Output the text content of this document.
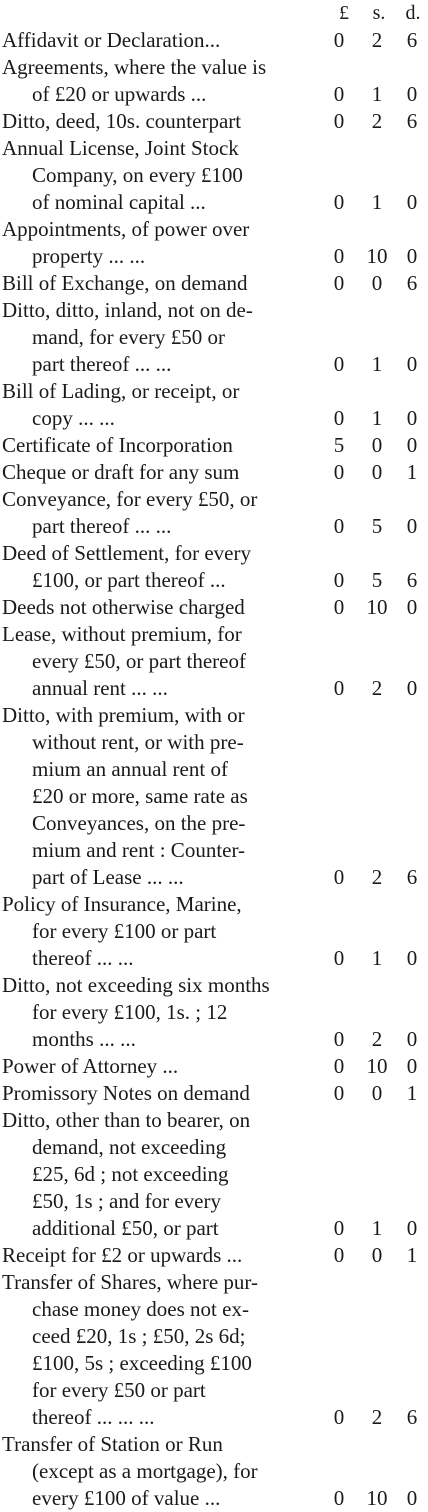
£ s. d.
Affidavit or Declaration...	0	2	6
Agreements, where the value is
of £20 or upwards ...	0	1	0
Ditto, deed, 10s. counterpart	0	2	6
Annual License, Joint Stock
Company, on every £100
of nominal capital ...	0	1	0
Appointments, of power over
property ... ...	0 10 0
Bill of Exchange, on demand	0	0	6
Ditto, ditto, inland, not on de-
mand, for every £50 or
part thereof ... ...	0	1	0
Bill of Lading, or receipt, or
copy ... ...	0	1	0
Certificate of Incorporation	5	0	0
Cheque or draft for any sum	0	0	1
Conveyance, for every £50, or
part thereof ... ...	0	5	0
Deed of Settlement, for every
£100, or part thereof ...	0	5	6
Deeds not otherwise charged	0 10 0
Lease, without premium, for
every £50, or part thereof
annual rent ... ...	0	2	0
Ditto, with premium, with or
without rent, or with pre-
mium an annual rent of
£20 or more, same rate as
Conveyances, on the pre-
mium and rent : Counter-
part of Lease ... ...	0	2	6
Policy of Insurance, Marine,
for every £100 or part
thereof ... ...	0	1	0
Ditto, not exceeding six months
for every £100, 1s. ; 12
months ... ...	0	2	0
Power of Attorney ...	0 10 0
Promissory Notes on demand	0	0	1
Ditto, other than to bearer, on
demand, not exceeding
£25, 6d ; not exceeding
£50, 1s ; and for every
additional £50, or part	0	1	0
Receipt for £2 or upwards ...	0	0	1
Transfer of Shares, where pur-
chase money does not ex-
ceed £20, 1s ; £50, 2s 6d;
£100, 5s ; exceeding £100
for every £50 or part
thereof ... ... ...	0	2	6
Transfer of Station or Run
(except as a mortgage), for
every £100 of value ...	0 10 0
